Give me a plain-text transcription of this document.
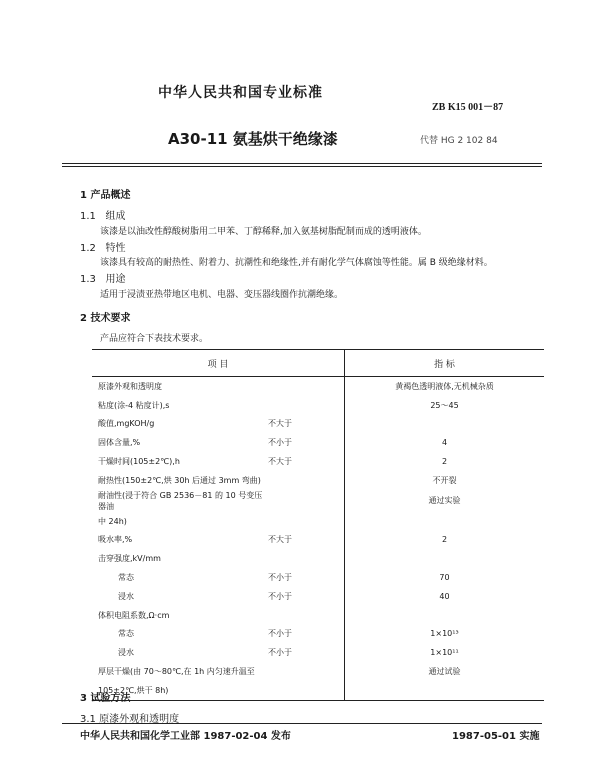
中华人民共和国专业标准
ZB K15 001－87
A30-11 氨基烘干绝缘漆	代替 HG 2 102 84
1 产品概述
1.1 组成
该漆是以油改性醇酸树脂用二甲苯、丁醇稀释,加入氨基树脂配制而成的透明液体。
1.2 特性
该漆具有较高的耐热性、附着力、抗潮性和绝缘性,并有耐化学气体腐蚀等性能。属 B 级绝缘材料。
1.3 用途
适用于浸渍亚热带地区电机、电器、变压器线圈作抗潮绝缘。
2 技术要求
产品应符合下表技术要求。
项 目		指 标
原漆外观和透明度		黄褐色透明液体,无机械杂质
粘度(涂-4 粘度计),s		25～45
酸值,mgKOH/g	不大于	
固体含量,%	不小于	4
干燥时间(105±2℃),h	不大于	2
耐热性(150±2℃,烘 30h 后通过 3mm 弯曲)		不开裂
耐油性(浸于符合 GB 2536－81 的 10 号变压器油		通过实验
中 24h)		
吸水率,%	不大于	2
击穿强度,kV/mm		
常态	不小于	70
浸水	不小于	40
体积电阻系数,Ω·cm		
常态	不小于	1×10¹³
浸水	不小于	1×10¹¹
厚层干燥(由 70～80℃,在 1h 内匀速升温至		通过试验
105±2℃,烘干 8h)		
3 试验方法
3.1 原漆外观和透明度
中华人民共和国化学工业部 1987-02-04 发布	1987-05-01 实施
